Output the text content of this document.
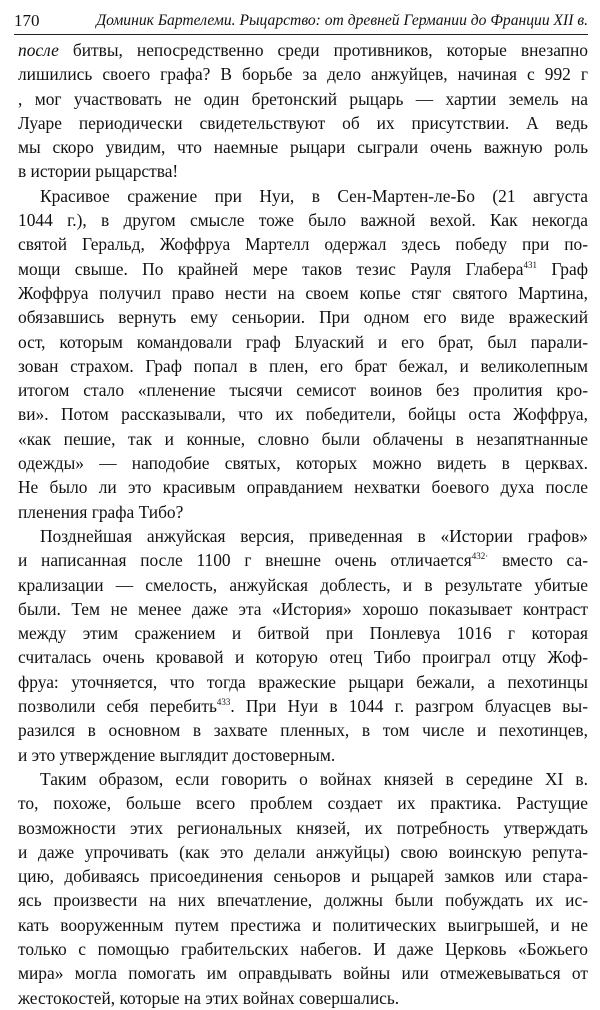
170	Доминик Бартелеми. Рыцарство: от древней Германии до Франции XII в.
после битвы, непосредственно среди противников, которые внезапно
лишились своего графа? В борьбе за дело анжуйцев, начиная с 992 г
, мог участвовать не один бретонский рыцарь — хартии земель на
Луаре периодически свидетельствуют об их присутствии. А ведь
мы скоро увидим, что наемные рыцари сыграли очень важную роль
в истории рыцарства!
Красивое сражение при Нуи, в Сен-Мартен-ле-Бо (21 августа
1044 г.), в другом смысле тоже было важной вехой. Как некогда
святой Геральд, Жоффруа Мартелл одержал здесь победу при по-
мощи свыше. По крайней мере таков тезис Рауля Глабера$^{431}$ Граф
Жоффруа получил право нести на своем копье стяг святого Мартина,
обязавшись вернуть ему сеньории. При одном его виде вражеский
ост, которым командовали граф Блуаский и его брат, был парали-
зован страхом. Граф попал в плен, его брат бежал, и великолепным
итогом стало «пленение тысячи семисот воинов без пролития кро-
ви». Потом рассказывали, что их победители, бойцы оста Жоффруа,
«как пешие, так и конные, словно были облачены в незапятнанные
одежды» — наподобие святых, которых можно видеть в церквах.
Не было ли это красивым оправданием нехватки боевого духа после
пленения графа Тибо?
Позднейшая анжуйская версия, приведенная в «Истории графов»
и написанная после 1100 г внешне очень отличается$^{432\cdot}$ вместо са-
крализации — смелость, анжуйская доблесть, и в результате убитые
были. Тем не менее даже эта «История» хорошо показывает контраст
между этим сражением и битвой при Понлевуа 1016 г которая
считалась очень кровавой и которую отец Тибо проиграл отцу Жоф-
фруа: уточняется, что тогда вражеские рыцари бежали, а пехотинцы
позволили себя перебить$^{433}$. При Нуи в 1044 г. разгром блуасцев вы-
разился в основном в захвате пленных, в том числе и пехотинцев,
и это утверждение выглядит достоверным.
Таким образом, если говорить о войнах князей в середине XI в.
то, похоже, больше всего проблем создает их практика. Растущие
возможности этих региональных князей, их потребность утверждать
и даже упрочивать (как это делали анжуйцы) свою воинскую репута-
цию, добиваясь присоединения сеньоров и рыцарей замков или стара-
ясь произвести на них впечатление, должны были побуждать их ис-
кать вооруженным путем престижа и политических выигрышей, и не
только с помощью грабительских набегов. И даже Церковь «Божьего
мира» могла помогать им оправдывать войны или отмежевываться от
жестокостей, которые на этих войнах совершались.
